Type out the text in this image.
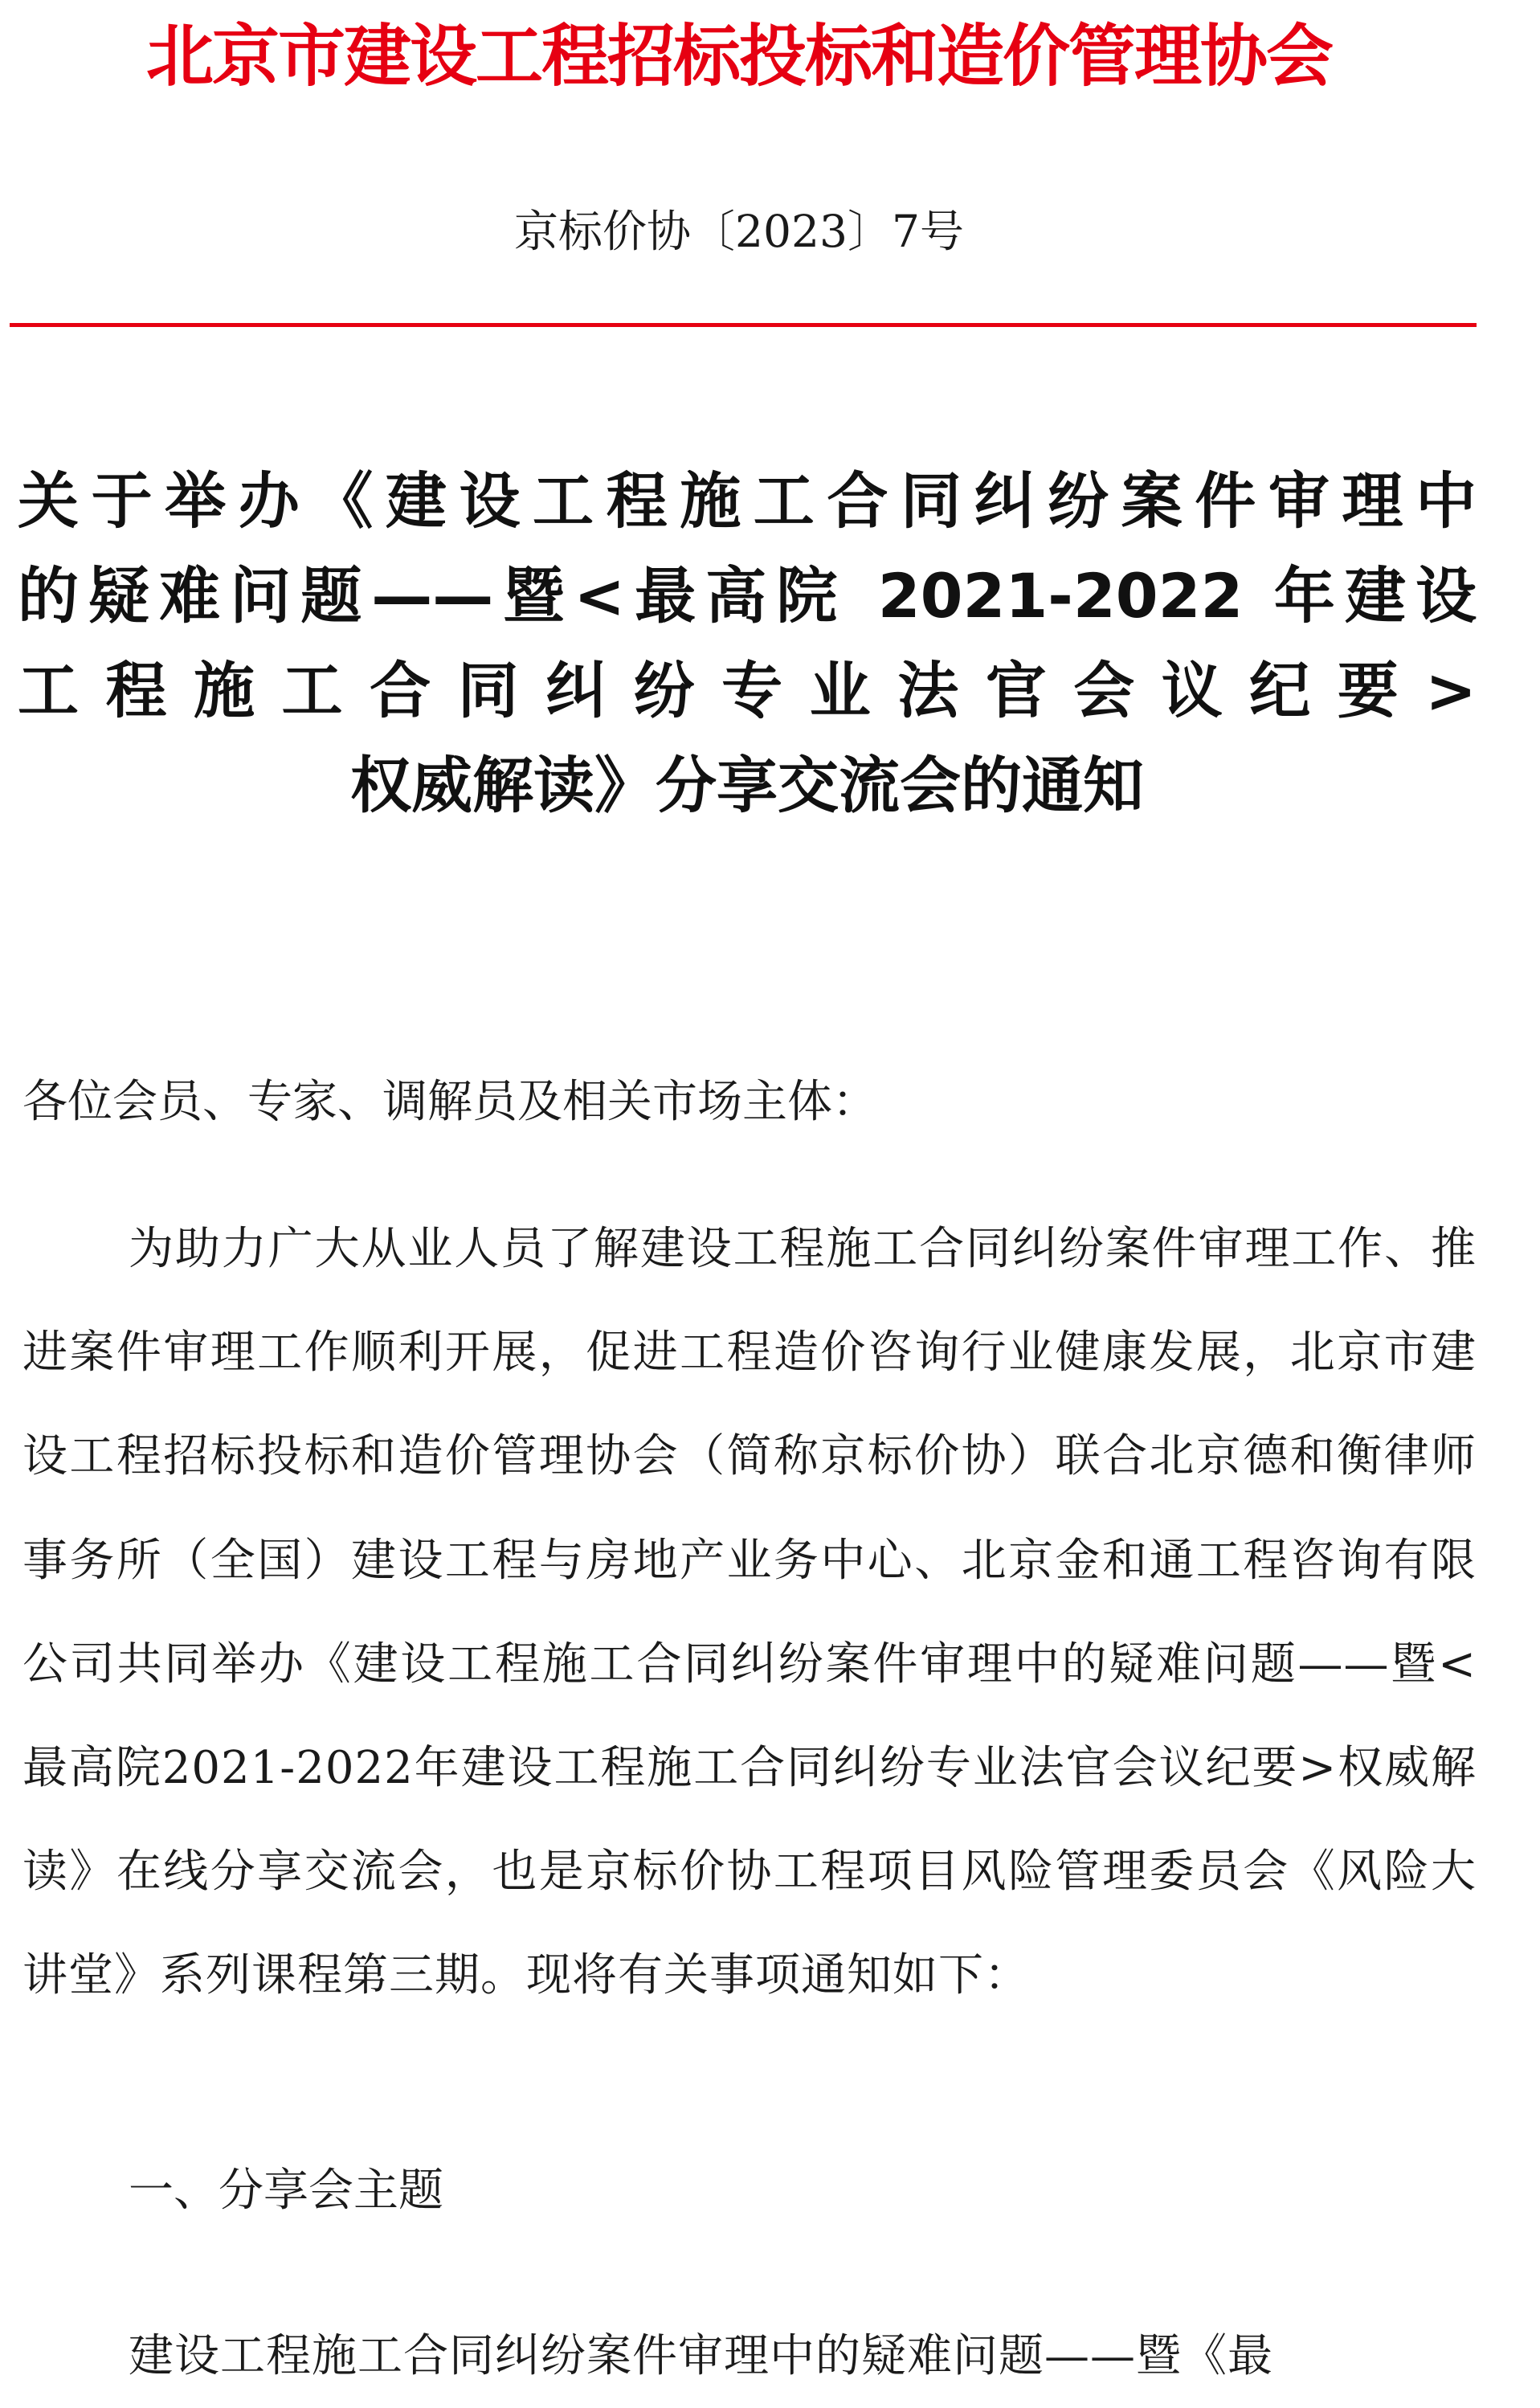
北京市建设工程招标投标和造价管理协会
京标价协〔2023〕7号
关于举办《建设工程施工合同纠纷案件审理中
的疑难问题——暨<最高院 2021-2022 年建设
工程施工合同纠纷专业法官会议纪要>
权威解读》分享交流会的通知

各位会员、专家、调解员及相关市场主体：

为助力广大从业人员了解建设工程施工合同纠纷案件审理工作、推进案件审理工作顺利开展，促进工程造价咨询行业健康发展，北京市建设工程招标投标和造价管理协会（简称京标价协）联合北京德和衡律师事务所（全国）建设工程与房地产业务中心、北京金和通工程咨询有限公司共同举办《建设工程施工合同纠纷案件审理中的疑难问题——暨<最高院2021-2022年建设工程施工合同纠纷专业法官会议纪要>权威解读》在线分享交流会，也是京标价协工程项目风险管理委员会《风险大讲堂》系列课程第三期。现将有关事项通知如下：

一、分享会主题

建设工程施工合同纠纷案件审理中的疑难问题——暨《最
